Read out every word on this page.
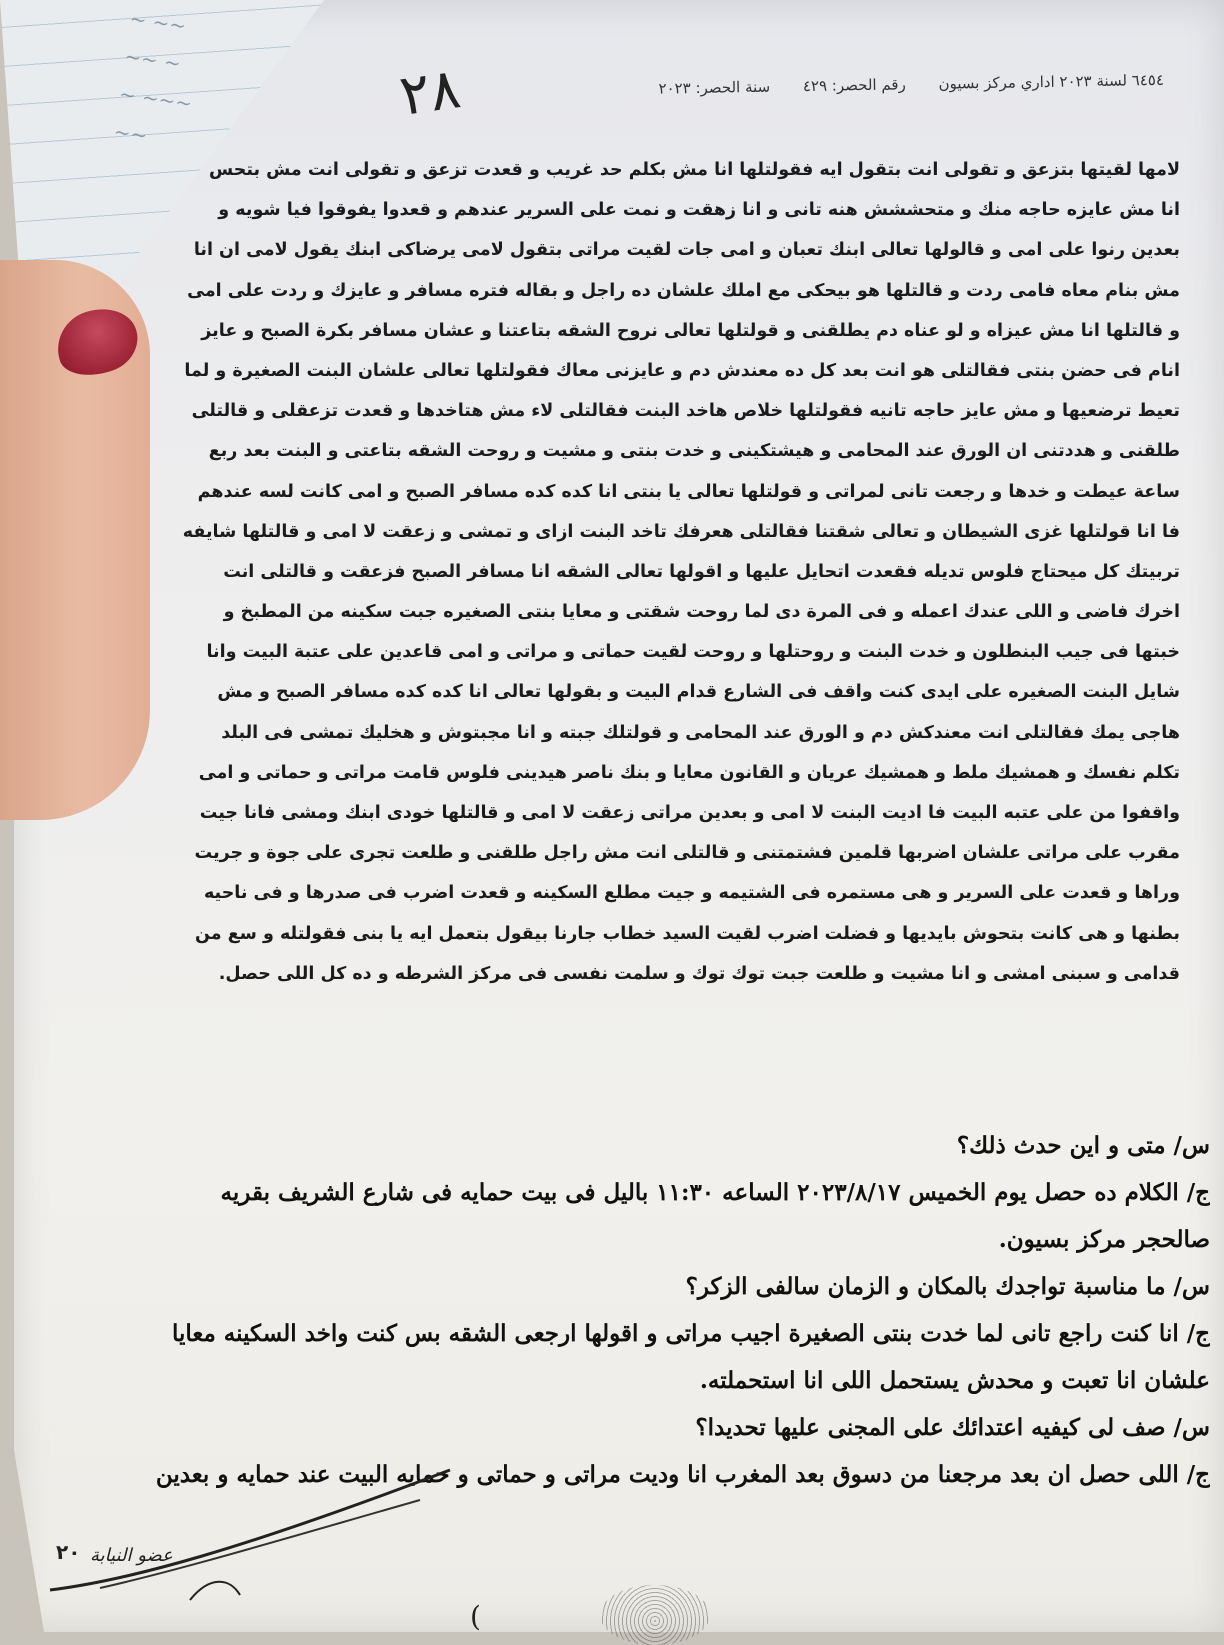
~ ~~
~~ ~
~ ~~~
~~
٢٨	٦٤٥٤ لسنة ٢٠٢٣ اداري مركز بسيون رقم الحصر: ٤٢٩ سنة الحصر: ٢٠٢٣
لامها لقيتها بتزعق و تقولى انت بتقول ايه فقولتلها انا مش بكلم حد غريب و قعدت تزعق و تقولى انت مش بتحس
انا مش عايزه حاجه منك و متحششش هنه تانى و انا زهقت و نمت على السرير عندهم و قعدوا يفوقوا فيا شويه و
بعدين رنوا على امى و قالولها تعالى ابنك تعبان و امى جات لقيت مراتى بتقول لامى يرضاكى ابنك يقول لامى ان انا
مش بنام معاه فامى ردت و قالتلها هو بيحكى مع املك علشان ده راجل و بقاله فتره مسافر و عايزك و ردت على امى
و قالتلها انا مش عيزاه و لو عناه دم يطلقنى و قولتلها تعالى نروح الشقه بتاعتنا و عشان مسافر بكرة الصبح و عايز
انام فى حضن بنتى فقالتلى هو انت بعد كل ده معندش دم و عايزنى معاك فقولتلها تعالى علشان البنت الصغيرة و لما
تعيط ترضعيها و مش عايز حاجه تانيه فقولتلها خلاص هاخد البنت فقالتلى لاء مش هتاخدها و قعدت تزعقلى و قالتلى
طلقنى و هددتنى ان الورق عند المحامى و هيشتكينى و خدت بنتى و مشيت و روحت الشقه بتاعتى و البنت بعد ربع
ساعة عيطت و خدها و رجعت تانى لمراتى و قولتلها تعالى يا بنتى انا كده كده مسافر الصبح و امى كانت لسه عندهم
فا انا قولتلها غزى الشيطان و تعالى شقتنا فقالتلى هعرفك تاخد البنت ازاى و تمشى و زعقت لا امى و قالتلها شايفه
تربيتك كل ميحتاج فلوس تديله فقعدت اتحايل عليها و اقولها تعالى الشقه انا مسافر الصبح فزعقت و قالتلى انت
اخرك فاضى و اللى عندك اعمله و فى المرة دى لما روحت شقتى و معايا بنتى الصغيره جبت سكينه من المطبخ و
خبتها فى جيب البنطلون و خدت البنت و روحتلها و روحت لقيت حماتى و مراتى و امى قاعدين على عتبة البيت وانا
شايل البنت الصغيره على ايدى كنت واقف فى الشارع قدام البيت و بقولها تعالى انا كده كده مسافر الصبح و مش
هاجى يمك فقالتلى انت معندكش دم و الورق عند المحامى و قولتلك جبته و انا مجبتوش و هخليك تمشى فى البلد
تكلم نفسك و همشيك ملط و همشيك عريان و القانون معايا و بنك ناصر هيدينى فلوس قامت مراتى و حماتى و امى
واقفوا من على عتبه البيت فا اديت البنت لا امى و بعدين مراتى زعقت لا امى و قالتلها خودى ابنك ومشى فانا جيت
مقرب على مراتى علشان اضربها قلمين فشتمتنى و قالتلى انت مش راجل طلقنى و طلعت تجرى على جوة و جريت
وراها و قعدت على السرير و هى مستمره فى الشتيمه و جيت مطلع السكينه و قعدت اضرب فى صدرها و فى ناحيه
بطنها و هى كانت بتحوش بايديها و فضلت اضرب لقيت السيد خطاب جارنا بيقول بتعمل ايه يا بنى فقولتله و سع من
قدامى و سبنى امشى و انا مشيت و طلعت جبت توك توك و سلمت نفسى فى مركز الشرطه و ده كل اللى حصل.
س/ متى و اين حدث ذلك؟
ج/ الكلام ده حصل يوم الخميس ٢٠٢٣/٨/١٧ الساعه ١١:٣٠ باليل فى بيت حمايه فى شارع الشريف بقريه
صالحجر مركز بسيون.
س/ ما مناسبة تواجدك بالمكان و الزمان سالفى الزكر؟
ج/ انا كنت راجع تانى لما خدت بنتى الصغيرة اجيب مراتى و اقولها ارجعى الشقه بس كنت واخد السكينه معايا
علشان انا تعبت و محدش يستحمل اللى انا استحملته.
س/ صف لى كيفيه اعتدائك على المجنى عليها تحديدا؟
ج/ اللى حصل ان بعد مرجعنا من دسوق بعد المغرب انا وديت مراتى و حماتى و حمايه البيت عند حمايه و بعدين
عضو النيابة
٢٠
(
